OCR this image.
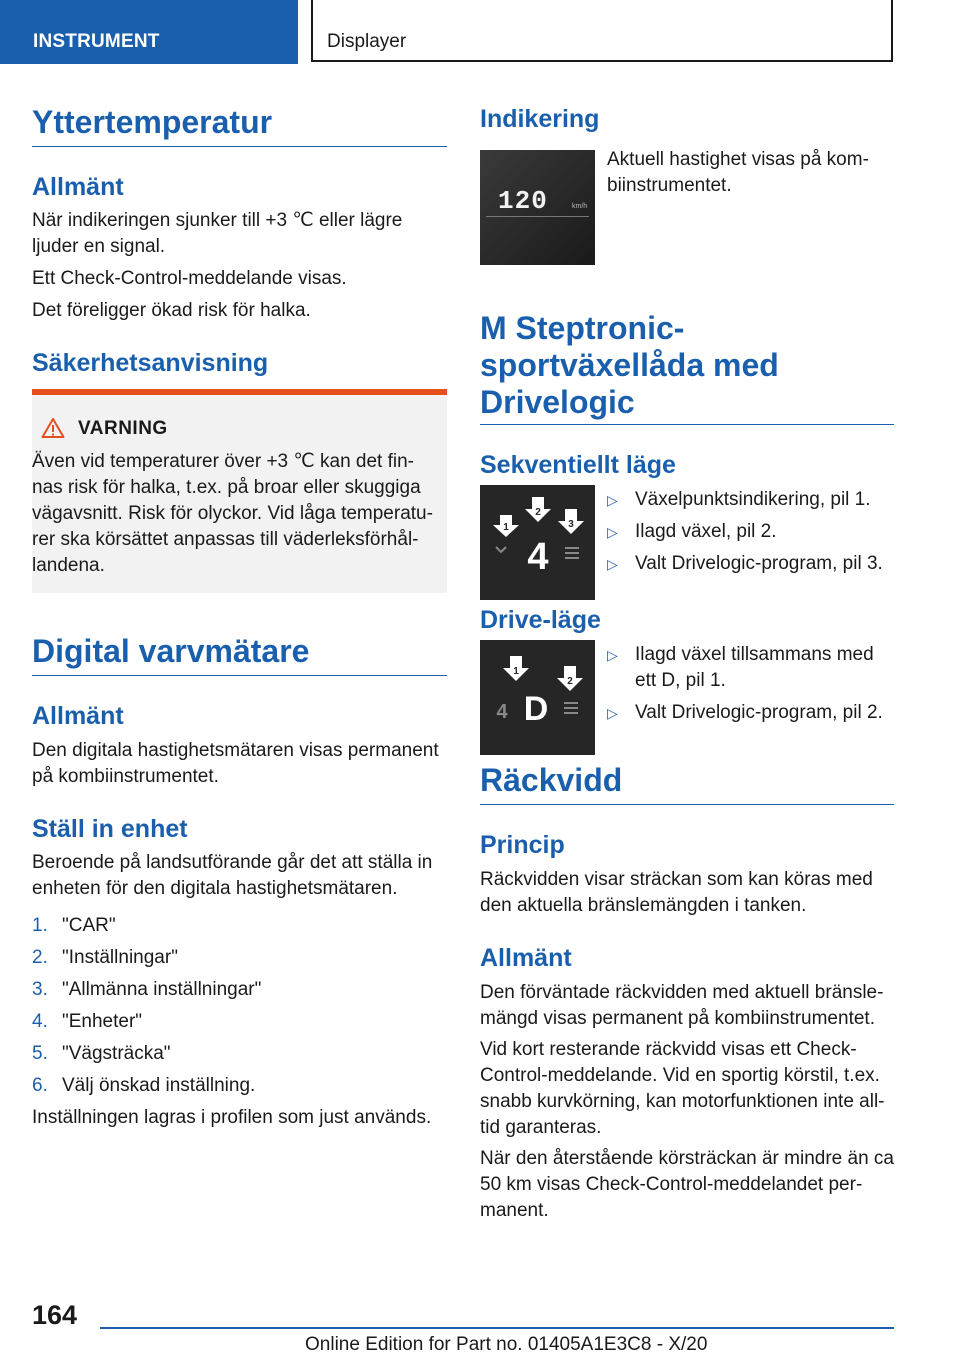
INSTRUMENT	Displayer
Yttertemperatur
Allmänt

När indikeringen sjunker till +3 ℃ eller lägre

ljuder en signal.

Ett Check-Control-meddelande visas.

Det föreligger ökad risk för halka.

Säkerhetsanvisning
VARNING
Även vid temperaturer över +3 ℃ kan det fin-
nas risk för halka, t.ex. på broar eller skuggiga
vägavsnitt. Risk för olyckor. Vid låga temperatu-
rer ska körsättet anpassas till väderleksförhål-
landena.
Digital varvmätare
Allmänt

Den digitala hastighetsmätaren visas permanent

på kombiinstrumentet.

Ställ in enhet

Beroende på landsutförande går det att ställa in

enheten för den digitala hastighetsmätaren.

1. "CAR"
2. "Inställningar"
3. "Allmänna inställningar"
4. "Enheter"
5. "Vägsträcka"
6. Välj önskad inställning.

Inställningen lagras i profilen som just används.

Indikering
120	km/h

Aktuell hastighet visas på kom-

biinstrumentet.

M Steptronic-
sportväxellåda med
Drivelogic
Sekventiellt läge
1
2
3
4
▷ Växelpunktsindikering, pil 1.
▷ Ilagd växel, pil 2.
▷ Valt Drivelogic-program, pil 3.
Drive-läge
1
2
4 D
▷ Ilagd växel tillsammans med
ett D, pil 1.
▷ Valt Drivelogic-program, pil 2.
Räckvidd
Princip

Räckvidden visar sträckan som kan köras med

den aktuella bränslemängden i tanken.

Allmänt
Den förväntade räckvidden med aktuell bränsle-
mängd visas permanent på kombiinstrumentet.
Vid kort resterande räckvidd visas ett Check-
Control-meddelande. Vid en sportig körstil, t.ex.
snabb kurvkörning, kan motorfunktionen inte all-
tid garanteras.
När den återstående körsträckan är mindre än ca
50 km visas Check-Control-meddelandet per-
manent.
164
Online Edition for Part no. 01405A1E3C8 - X/20
